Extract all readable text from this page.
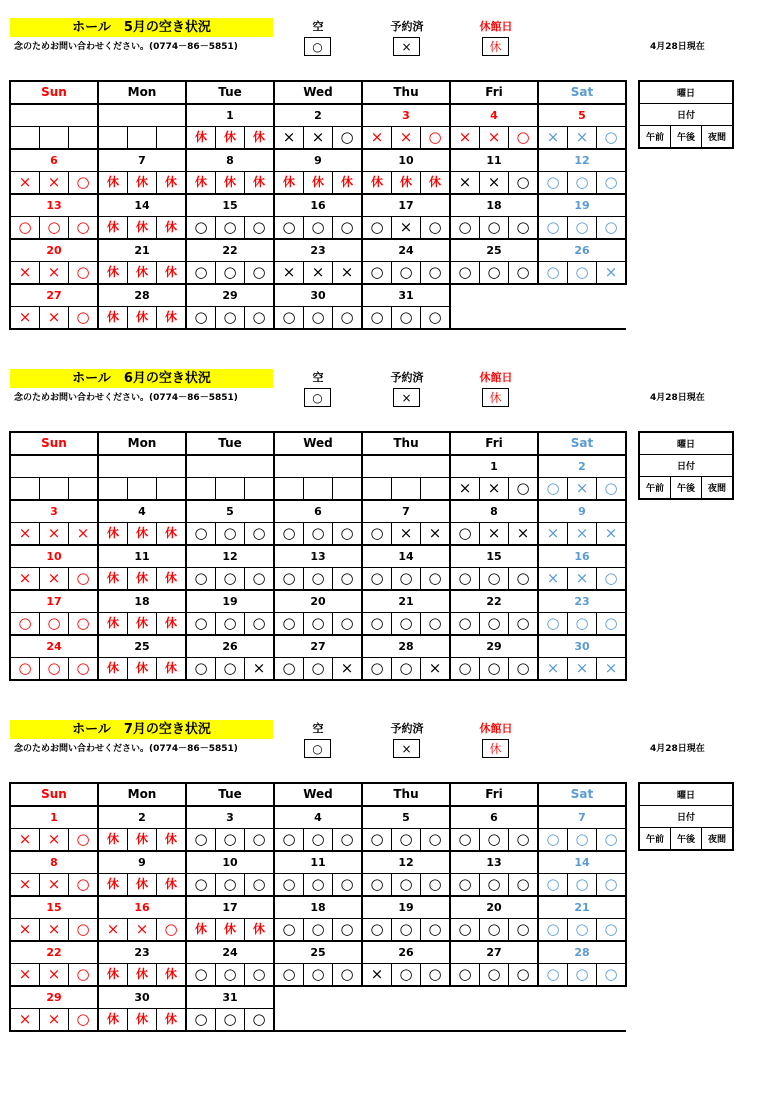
ホール　5月の空き状況
念のためお問い合わせください。(0774－86－5851)
空
○
予約済
×
休館日
休	4月28日現在
Sun			Mon			Tue			Wed			Thu			Fri			Sat		
						1			2			3			4			5		
						休	休	休	×	×	○	×	×	○	×	×	○	×	×	○
6			7			8			9			10			11			12		
×	×	○	休	休	休	休	休	休	休	休	休	休	休	休	×	×	○	○	○	○
13			14			15			16			17			18			19		
○	○	○	休	休	休	○	○	○	○	○	○	○	×	○	○	○	○	○	○	○
20			21			22			23			24			25			26		
×	×	○	休	休	休	○	○	○	×	×	×	○	○	○	○	○	○	○	○	×
27			28			29			30			31								
×	×	○	休	休	休	○	○	○	○	○	○	○	○	○						
曜日
日付
午前	午後	夜間
ホール　6月の空き状況
念のためお問い合わせください。(0774－86－5851)
空
○
予約済
×
休館日
休	4月28日現在
Sun			Mon			Tue			Wed			Thu			Fri			Sat		
															1			2		
															×	×	○	○	×	○
3			4			5			6			7			8			9		
×	×	×	休	休	休	○	○	○	○	○	○	○	×	×	○	×	×	×	×	×
10			11			12			13			14			15			16		
×	×	○	休	休	休	○	○	○	○	○	○	○	○	○	○	○	○	×	×	○
17			18			19			20			21			22			23		
○	○	○	休	休	休	○	○	○	○	○	○	○	○	○	○	○	○	○	○	○
24			25			26			27			28			29			30		
○	○	○	休	休	休	○	○	×	○	○	×	○	○	×	○	○	○	×	×	×
曜日
日付
午前	午後	夜間
ホール　7月の空き状況
念のためお問い合わせください。(0774－86－5851)
空
○
予約済
×
休館日
休	4月28日現在
Sun			Mon			Tue			Wed			Thu			Fri			Sat		
1			2			3			4			5			6			7		
×	×	○	休	休	休	○	○	○	○	○	○	○	○	○	○	○	○	○	○	○
8			9			10			11			12			13			14		
×	×	○	休	休	休	○	○	○	○	○	○	○	○	○	○	○	○	○	○	○
15			16			17			18			19			20			21		
×	×	○	×	×	○	休	休	休	○	○	○	○	○	○	○	○	○	○	○	○
22			23			24			25			26			27			28		
×	×	○	休	休	休	○	○	○	○	○	○	×	○	○	○	○	○	○	○	○
29			30			31														
×	×	○	休	休	休	○	○	○												
曜日
日付
午前	午後	夜間
